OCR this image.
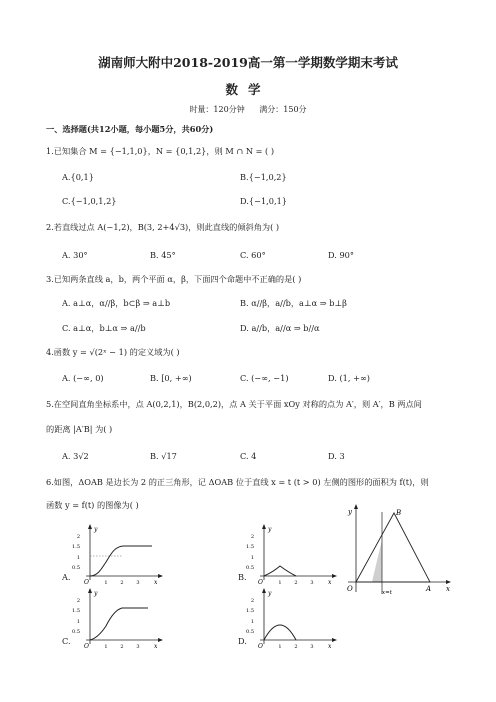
湖南师大附中2018-2019高一第一学期数学期末考试
数学
时量：120分钟 满分：150分
一、选择题(共12小题，每小题5分，共60分)
1.已知集合 M = {−1,1,0}，N = {0,1,2}，则 M ∩ N = ( )
A.{0,1}	B.{−1,0,2}
C.{−1,0,1,2}	D.{−1,0,1}
2.若直线过点 A(−1,2)，B(3, 2+4√3)，则此直线的倾斜角为( )
A. 30°	B. 45°	C. 60°	D. 90°
3.已知两条直线 a，b，两个平面 α，β，下面四个命题中不正确的是( )
A. a⊥α，α//β，b⊂β ⇒ a⊥b	B. α//β，a//b，a⊥α ⇒ b⊥β
C. a⊥α，b⊥α ⇒ a//b	D. a//b，a//α ⇒ b//α
4.函数 y = √(2ˣ − 1) 的定义域为( )
A. (−∞, 0)	B. [0, +∞)	C. (−∞, −1)	D. (1, +∞)
5.在空间直角坐标系中，点 A(0,2,1)，B(2,0,2)，点 A 关于平面 xOy 对称的点为 A′，则 A′，B 两点间
的距离 |A′B| 为( )
A. 3√2	B. √17	C. 4	D. 3
6.如图，ΔOAB 是边长为 2 的正三角形，记 ΔOAB 位于直线 x = t (t > 0) 左侧的图形的面积为 f(t)，则
函数 y = f(t) 的图像为( )
A.
y
x
O
2
1.5
1
0.5
1	2	3
B.
y
x
O
2
1.5
1
0.5
1	2	3
C.
y
x
O
2
1.5
1
0.5
1	2	3
D.
y
x
O
2
1.5
1
0.5
1	2	3
y	B
O	A x
x=t
